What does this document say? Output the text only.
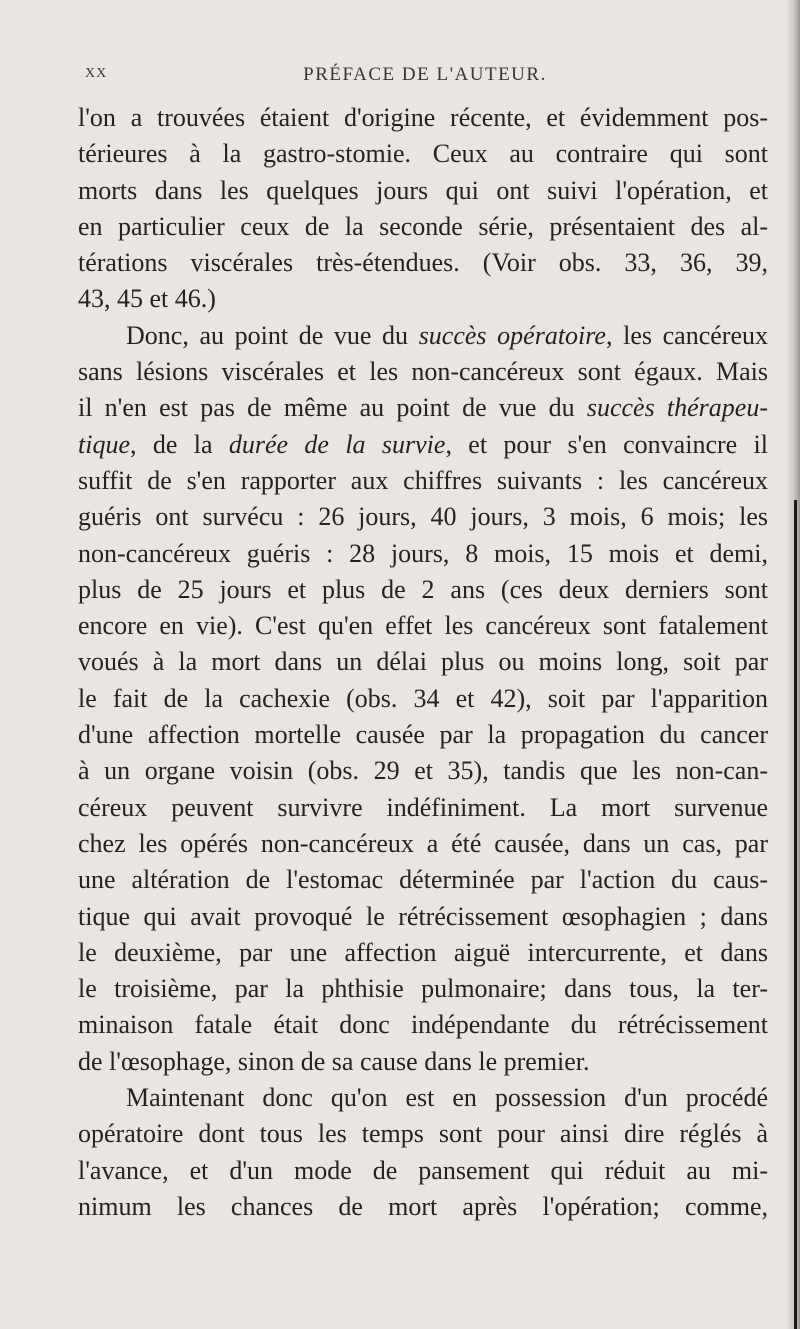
XX	PRÉFACE DE L'AUTEUR.
l'on a trouvées étaient d'origine récente, et évidemment pos-
térieures à la gastro-stomie. Ceux au contraire qui sont
morts dans les quelques jours qui ont suivi l'opération, et
en particulier ceux de la seconde série, présentaient des al-
térations viscérales très-étendues. (Voir obs. 33, 36, 39,
43, 45 et 46.)
Donc, au point de vue du succès opératoire, les cancéreux
sans lésions viscérales et les non-cancéreux sont égaux. Mais
il n'en est pas de même au point de vue du succès thérapeu-
tique, de la durée de la survie, et pour s'en convaincre il
suffit de s'en rapporter aux chiffres suivants : les cancéreux
guéris ont survécu : 26 jours, 40 jours, 3 mois, 6 mois; les
non-cancéreux guéris : 28 jours, 8 mois, 15 mois et demi,
plus de 25 jours et plus de 2 ans (ces deux derniers sont
encore en vie). C'est qu'en effet les cancéreux sont fatalement
voués à la mort dans un délai plus ou moins long, soit par
le fait de la cachexie (obs. 34 et 42), soit par l'apparition
d'une affection mortelle causée par la propagation du cancer
à un organe voisin (obs. 29 et 35), tandis que les non-can-
céreux peuvent survivre indéfiniment. La mort survenue
chez les opérés non-cancéreux a été causée, dans un cas, par
une altération de l'estomac déterminée par l'action du caus-
tique qui avait provoqué le rétrécissement œsophagien ; dans
le deuxième, par une affection aiguë intercurrente, et dans
le troisième, par la phthisie pulmonaire; dans tous, la ter-
minaison fatale était donc indépendante du rétrécissement
de l'œsophage, sinon de sa cause dans le premier.
Maintenant donc qu'on est en possession d'un procédé
opératoire dont tous les temps sont pour ainsi dire réglés à
l'avance, et d'un mode de pansement qui réduit au mi-
nimum les chances de mort après l'opération; comme,
